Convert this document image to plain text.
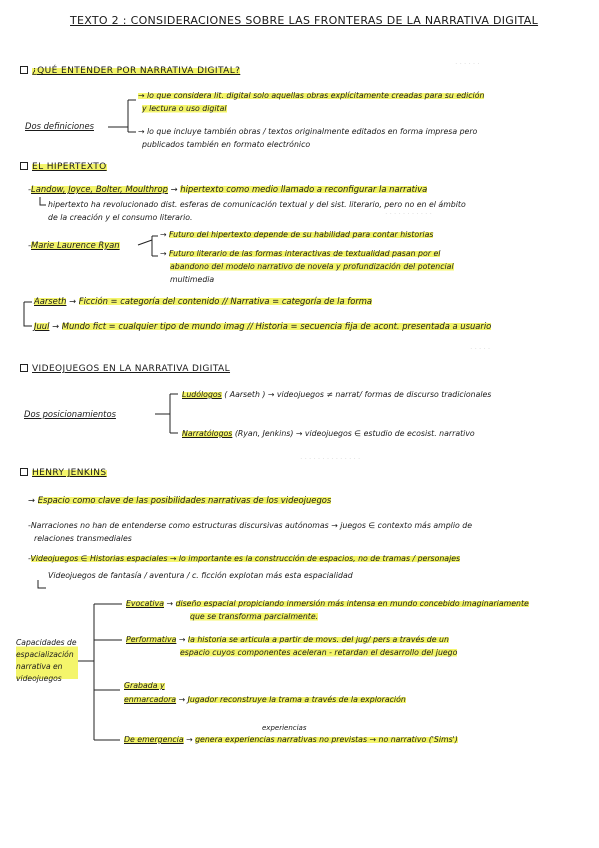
· · · · · ·
· · · · · · · · · · ·
· · · · ·
· · · · · · · · · · · · · ·
TEXTO 2 : CONSIDERACIONES SOBRE LAS FRONTERAS DE LA NARRATIVA DIGITAL
¿QUÉ ENTENDER POR NARRATIVA DIGITAL?
Dos definiciones
→ lo que considera lit. digital solo aquellas obras explícitamente creadas para su edición
y lectura o uso digital
→ lo que incluye también obras / textos originalmente editados en forma impresa pero
publicados también en formato electrónico
EL HIPERTEXTO
-Landow, Joyce, Bolter, Moulthrop → hipertexto como medio llamado a reconfigurar la narrativa
hipertexto ha revolucionado dist. esferas de comunicación textual y del sist. literario, pero no en el ámbito
de la creación y el consumo literario.
-Marie Laurence Ryan
→ Futuro del hipertexto depende de su habilidad para contar historias
→ Futuro literario de las formas interactivas de textualidad pasan por el
abandono del modelo narrativo de novela y profundización del potencial
multimedia
Aarseth → Ficción = categoría del contenido // Narrativa = categoría de la forma
Juul → Mundo fict = cualquier tipo de mundo imag // Historia = secuencia fija de acont. presentada a usuario
VIDEOJUEGOS EN LA NARRATIVA DIGITAL
Dos posicionamientos
Ludólogos ( Aarseth ) → videojuegos ≠ narrat/ formas de discurso tradicionales
Narratólogos (Ryan, Jenkins) → videojuegos ∈ estudio de ecosist. narrativo
HENRY JENKINS
→ Espacio como clave de las posibilidades narrativas de los videojuegos
-Narraciones no han de entenderse como estructuras discursivas autónomas → juegos ∈ contexto más amplio de
relaciones transmediales
-Videojuegos ∈ Historias espaciales → lo importante es la construcción de espacios, no de tramas / personajes
Videojuegos de fantasía / aventura / c. ficción explotan más esta espacialidad
Capacidades de
espacialización
narrativa en
videojuegos
Evocativa → diseño espacial propiciando inmersión más intensa en mundo concebido imaginariamente
que se transforma parcialmente.
Performativa → la historia se articula a partir de movs. del jug/ pers a través de un
espacio cuyos componentes aceleran - retardan el desarrollo del juego
Grabada y
enmarcadora → Jugador reconstruye la trama a través de la exploración
experiencias
De emergencia → genera experiencias narrativas no previstas → no narrativo ('Sims')
